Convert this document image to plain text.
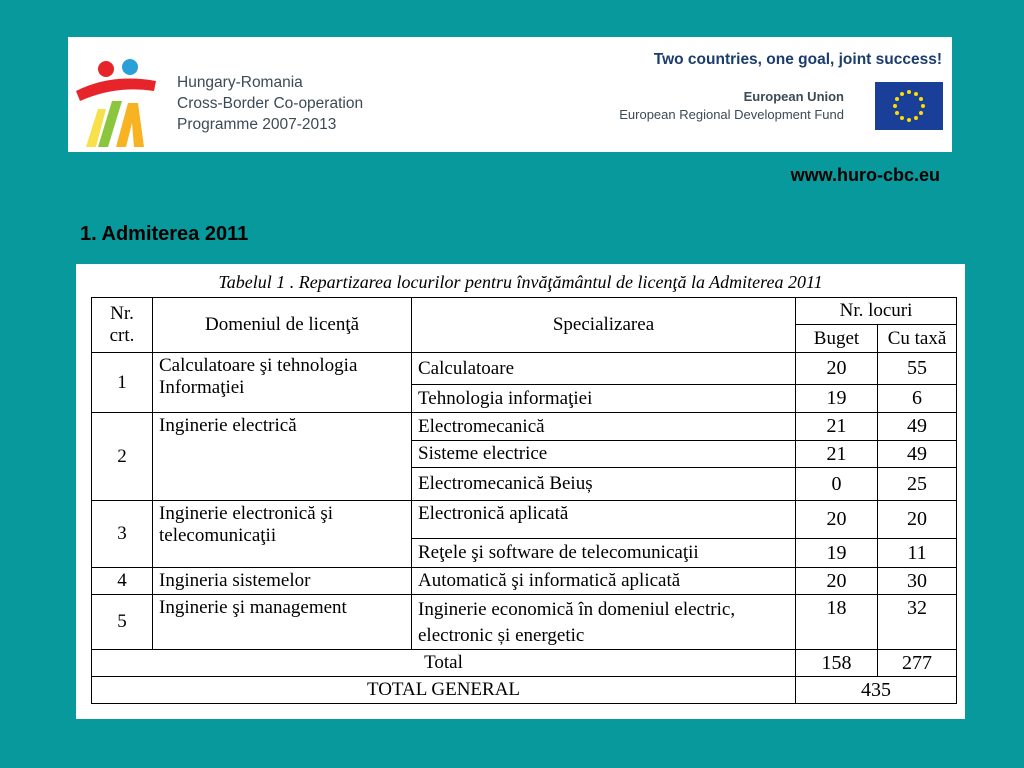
Hungary-Romania
Cross-Border Co-operation
Programme 2007-2013
Two countries, one goal, joint success!
European Union
European Regional Development Fund
www.huro-cbc.eu
1. Admiterea 2011
Tabelul 1 . Repartizarea locurilor pentru învăţământul de licenţă la Admiterea 2011
Nr. crt.	Domeniul de licenţă	Specializarea	Nr. locuri	
			Buget	Cu taxă
1	Calculatoare şi tehnologia Informaţiei	Calculatoare	20	55
		Tehnologia informaţiei	19	6
2	Inginerie electrică	Electromecanică	21	49
		Sisteme electrice	21	49
		Electromecanică Beiuș	0	25
3	Inginerie electronică şi telecomunicaţii	Electronică aplicată	20	20
		Reţele şi software de telecomunicaţii	19	11
4	Ingineria sistemelor	Automatică şi informatică aplicată	20	30
5	Inginerie şi management	Inginerie economică în domeniul electric, electronic și energetic	18	32
Total			158	277
TOTAL GENERAL			435	
